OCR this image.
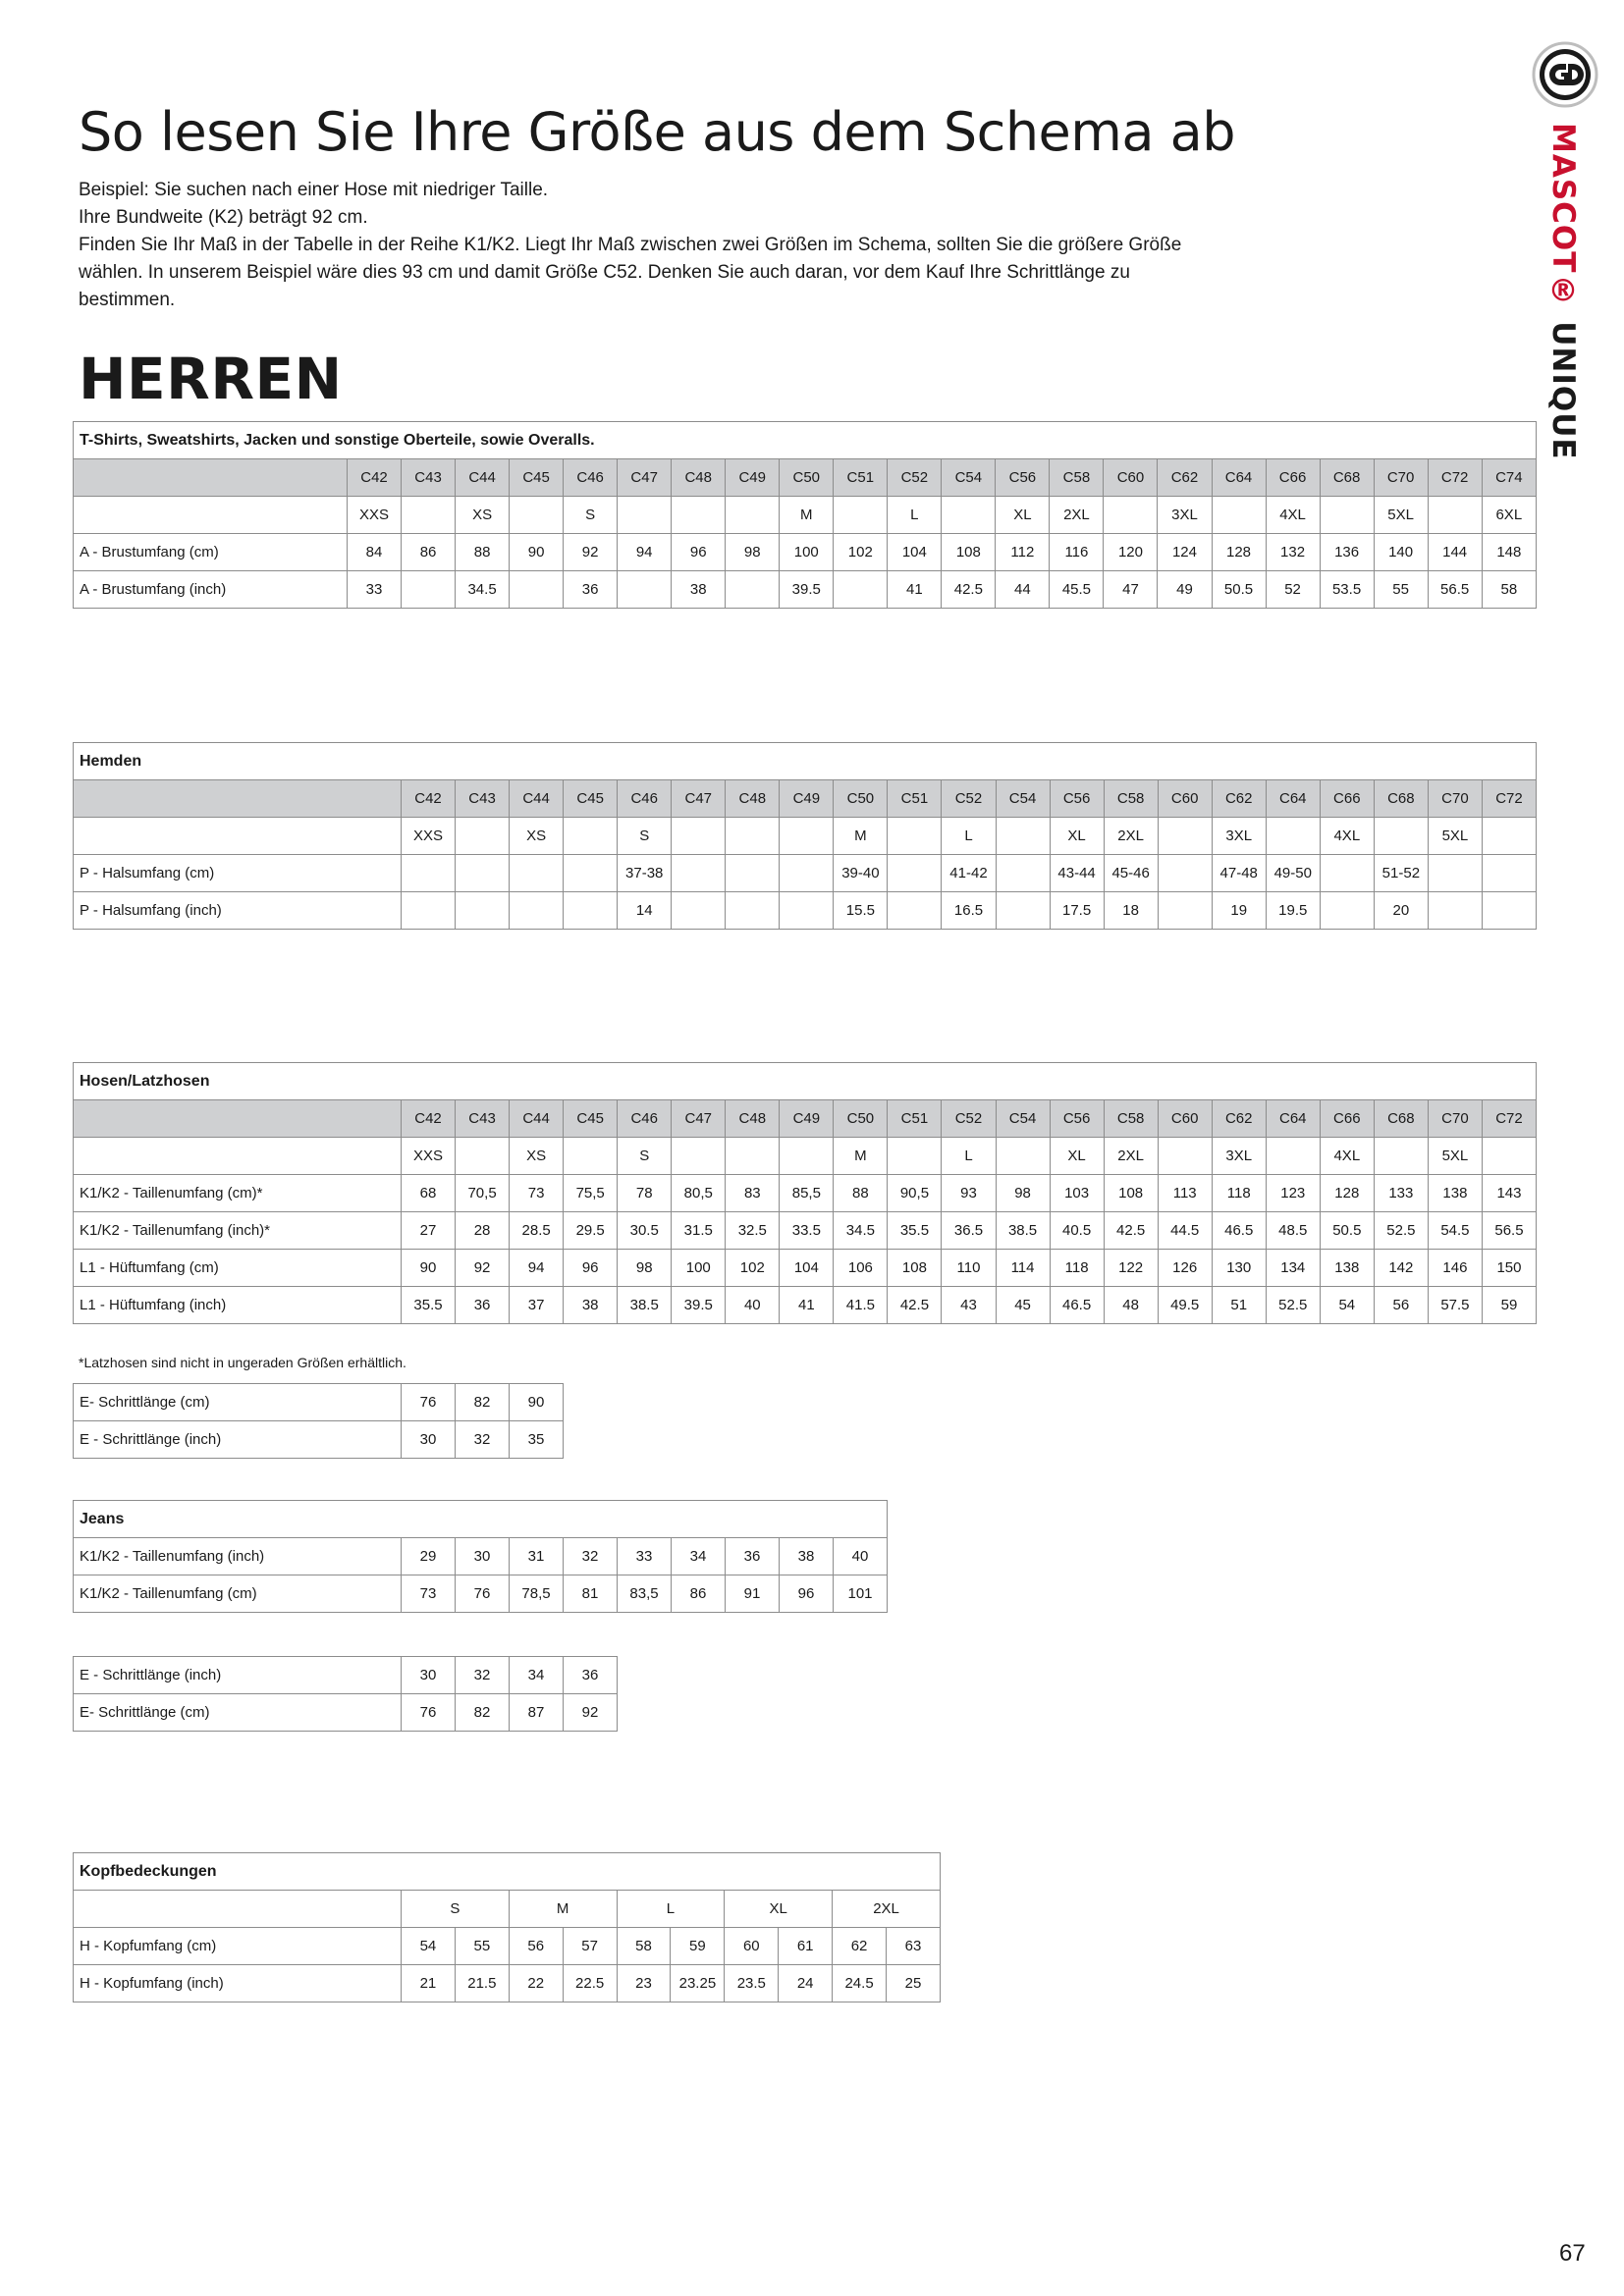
So lesen Sie Ihre Größe aus dem Schema ab
Beispiel: Sie suchen nach einer Hose mit niedriger Taille.
Ihre Bundweite (K2) beträgt 92 cm.
Finden Sie Ihr Maß in der Tabelle in der Reihe K1/K2. Liegt Ihr Maß zwischen zwei Größen im Schema, sollten Sie die größere Größe
wählen. In unserem Beispiel wäre dies 93 cm und damit Größe C52. Denken Sie auch daran, vor dem Kauf Ihre Schrittlänge zu
bestimmen.
HERREN
MASCOT® UNIQUE
T-Shirts, Sweatshirts, Jacken und sonstige Oberteile, sowie Overalls.																						
	C42	C43	C44	C45	C46	C47	C48	C49	C50	C51	C52	C54	C56	C58	C60	C62	C64	C66	C68	C70	C72	C74
	XXS		XS		S				M		L		XL	2XL		3XL		4XL		5XL		6XL
A - Brustumfang (cm)	84	86	88	90	92	94	96	98	100	102	104	108	112	116	120	124	128	132	136	140	144	148
A - Brustumfang (inch)	33		34.5		36		38		39.5		41	42.5	44	45.5	47	49	50.5	52	53.5	55	56.5	58
Hemden																					
	C42	C43	C44	C45	C46	C47	C48	C49	C50	C51	C52	C54	C56	C58	C60	C62	C64	C66	C68	C70	C72
	XXS		XS		S				M		L		XL	2XL		3XL		4XL		5XL	
P - Halsumfang (cm)					37-38				39-40		41-42		43-44	45-46		47-48	49-50		51-52		
P - Halsumfang (inch)					14				15.5		16.5		17.5	18		19	19.5		20		
Hosen/Latzhosen																					
	C42	C43	C44	C45	C46	C47	C48	C49	C50	C51	C52	C54	C56	C58	C60	C62	C64	C66	C68	C70	C72
	XXS		XS		S				M		L		XL	2XL		3XL		4XL		5XL	
K1/K2 - Taillenumfang (cm)*	68	70,5	73	75,5	78	80,5	83	85,5	88	90,5	93	98	103	108	113	118	123	128	133	138	143
K1/K2 - Taillenumfang (inch)*	27	28	28.5	29.5	30.5	31.5	32.5	33.5	34.5	35.5	36.5	38.5	40.5	42.5	44.5	46.5	48.5	50.5	52.5	54.5	56.5
L1 - Hüftumfang (cm)	90	92	94	96	98	100	102	104	106	108	110	114	118	122	126	130	134	138	142	146	150
L1 - Hüftumfang (inch)	35.5	36	37	38	38.5	39.5	40	41	41.5	42.5	43	45	46.5	48	49.5	51	52.5	54	56	57.5	59
*Latzhosen sind nicht in ungeraden Größen erhältlich.
E- Schrittlänge (cm)	76	82	90
E - Schrittlänge (inch)	30	32	35
Jeans									
K1/K2 - Taillenumfang (inch)	29	30	31	32	33	34	36	38	40
K1/K2 - Taillenumfang (cm)	73	76	78,5	81	83,5	86	91	96	101
E - Schrittlänge (inch)	30	32	34	36
E- Schrittlänge (cm)	76	82	87	92
Kopfbedeckungen										
	S		M		L		XL		2XL	
H - Kopfumfang (cm)	54	55	56	57	58	59	60	61	62	63
H - Kopfumfang (inch)	21	21.5	22	22.5	23	23.25	23.5	24	24.5	25
67
